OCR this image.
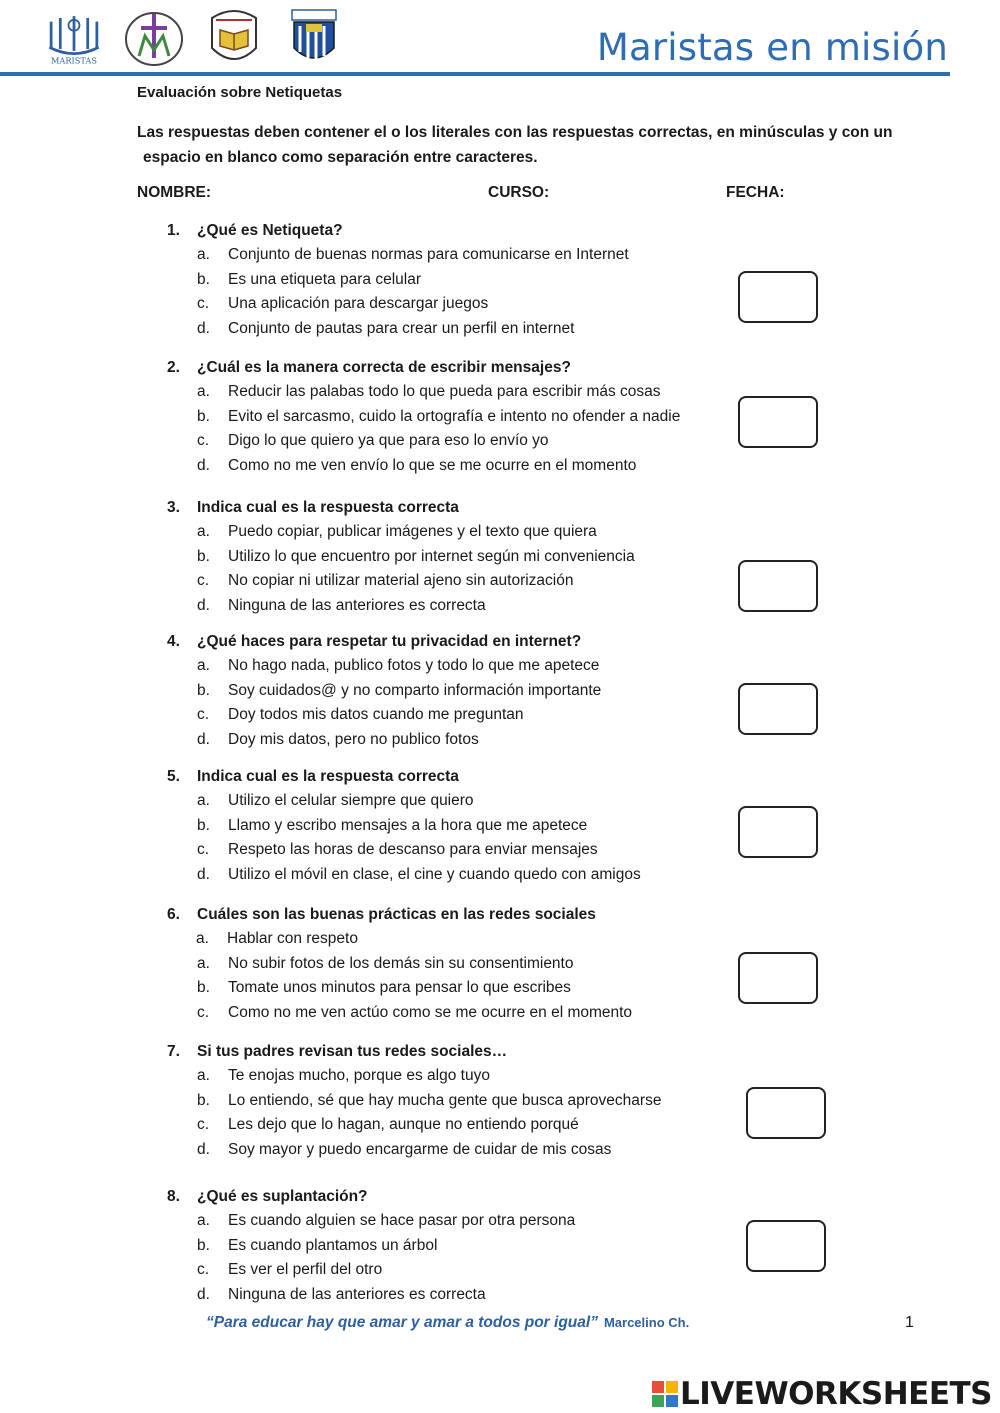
MARISTAS	Maristas en misión
Evaluación sobre Netiquetas
Las respuestas deben contener el o los literales con las respuestas correctas, en minúsculas y con un
espacio en blanco como separación entre caracteres.
NOMBRE:	CURSO:	FECHA:
1.	¿Qué es Netiqueta?
a.	Conjunto de buenas normas para comunicarse en Internet
b.	Es una etiqueta para celular
c.	Una aplicación para descargar juegos
d.	Conjunto de pautas para crear un perfil en internet
2.	¿Cuál es la manera correcta de escribir mensajes?
a.	Reducir las palabas todo lo que pueda para escribir más cosas
b.	Evito el sarcasmo, cuido la ortografía e intento no ofender a nadie
c.	Digo lo que quiero ya que para eso lo envío yo
d.	Como no me ven envío lo que se me ocurre en el momento
3.	Indica cual es la respuesta correcta
a.	Puedo copiar, publicar imágenes y el texto que quiera
b.	Utilizo lo que encuentro por internet según mi conveniencia
c.	No copiar ni utilizar material ajeno sin autorización
d.	Ninguna de las anteriores es correcta
4.	¿Qué haces para respetar tu privacidad en internet?
a.	No hago nada, publico fotos y todo lo que me apetece
b.	Soy cuidados@ y no comparto información importante
c.	Doy todos mis datos cuando me preguntan
d.	Doy mis datos, pero no publico fotos
5.	Indica cual es la respuesta correcta
a.	Utilizo el celular siempre que quiero
b.	Llamo y escribo mensajes a la hora que me apetece
c.	Respeto las horas de descanso para enviar mensajes
d.	Utilizo el móvil en clase, el cine y cuando quedo con amigos
6.	Cuáles son las buenas prácticas en las redes sociales
a.	Hablar con respeto
a.	No subir fotos de los demás sin su consentimiento
b.	Tomate unos minutos para pensar lo que escribes
c.	Como no me ven actúo como se me ocurre en el momento
7.	Si tus padres revisan tus redes sociales…
a.	Te enojas mucho, porque es algo tuyo
b.	Lo entiendo, sé que hay mucha gente que busca aprovecharse
c.	Les dejo que lo hagan, aunque no entiendo porqué
d.	Soy mayor y puedo encargarme de cuidar de mis cosas
8.	¿Qué es suplantación?
a.	Es cuando alguien se hace pasar por otra persona
b.	Es cuando plantamos un árbol
c.	Es ver el perfil del otro
d.	Ninguna de las anteriores es correcta
“Para educar hay que amar y amar a todos por igual” Marcelino Ch.	1
LIVEWORKSHEETS
